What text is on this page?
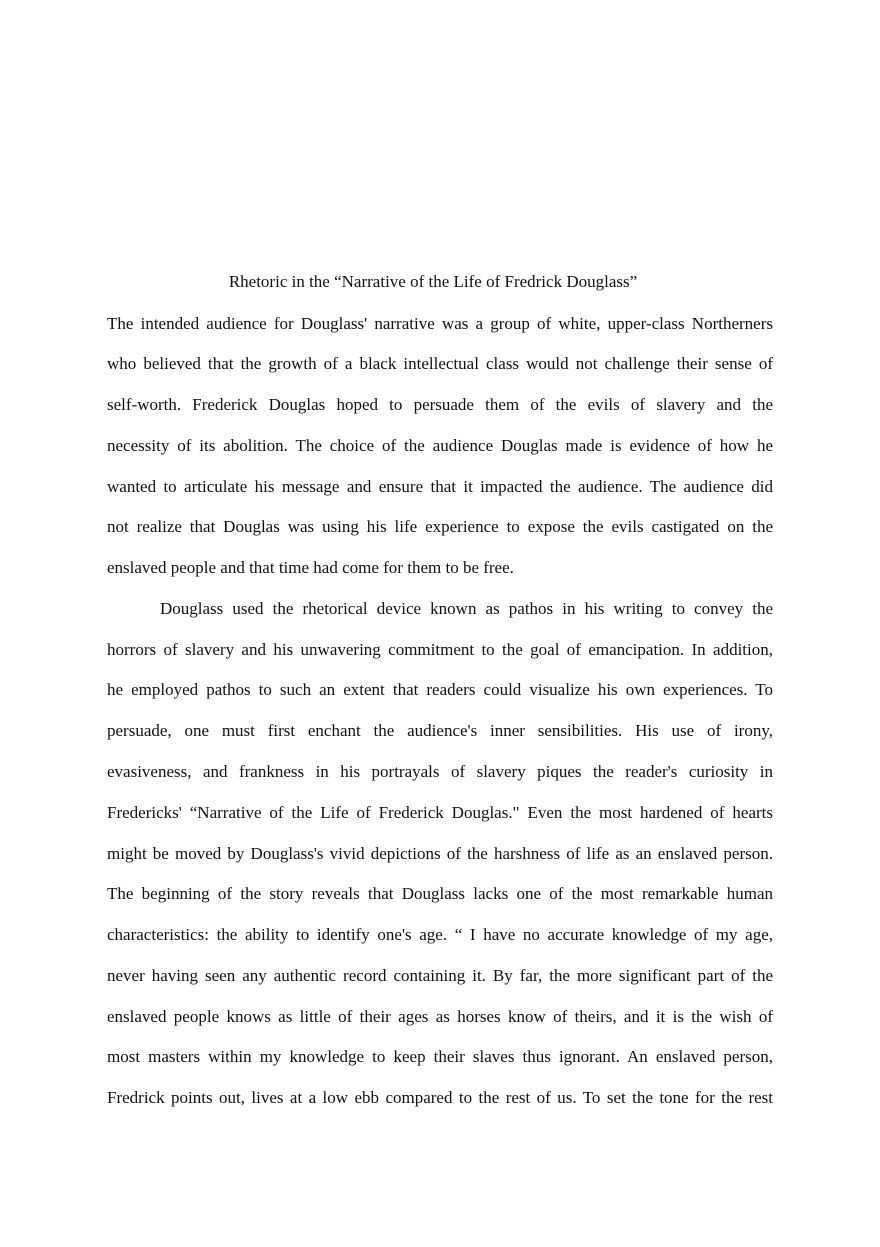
Rhetoric in the “Narrative of the Life of Fredrick Douglass”

The intended audience for Douglass' narrative was a group of white, upper-class Northerners

who believed that the growth of a black intellectual class would not challenge their sense of

self-worth. Frederick Douglas hoped to persuade them of the evils of slavery and the

necessity of its abolition. The choice of the audience Douglas made is evidence of how he

wanted to articulate his message and ensure that it impacted the audience. The audience did

not realize that Douglas was using his life experience to expose the evils castigated on the

enslaved people and that time had come for them to be free.

Douglass used the rhetorical device known as pathos in his writing to convey the

horrors of slavery and his unwavering commitment to the goal of emancipation. In addition,

he employed pathos to such an extent that readers could visualize his own experiences. To

persuade, one must first enchant the audience's inner sensibilities. His use of irony,

evasiveness, and frankness in his portrayals of slavery piques the reader's curiosity in

Fredericks' “Narrative of the Life of Frederick Douglas." Even the most hardened of hearts

might be moved by Douglass's vivid depictions of the harshness of life as an enslaved person.

The beginning of the story reveals that Douglass lacks one of the most remarkable human

characteristics: the ability to identify one's age. “ I have no accurate knowledge of my age,

never having seen any authentic record containing it. By far, the more significant part of the

enslaved people knows as little of their ages as horses know of theirs, and it is the wish of

most masters within my knowledge to keep their slaves thus ignorant. An enslaved person,

Fredrick points out, lives at a low ebb compared to the rest of us. To set the tone for the rest
